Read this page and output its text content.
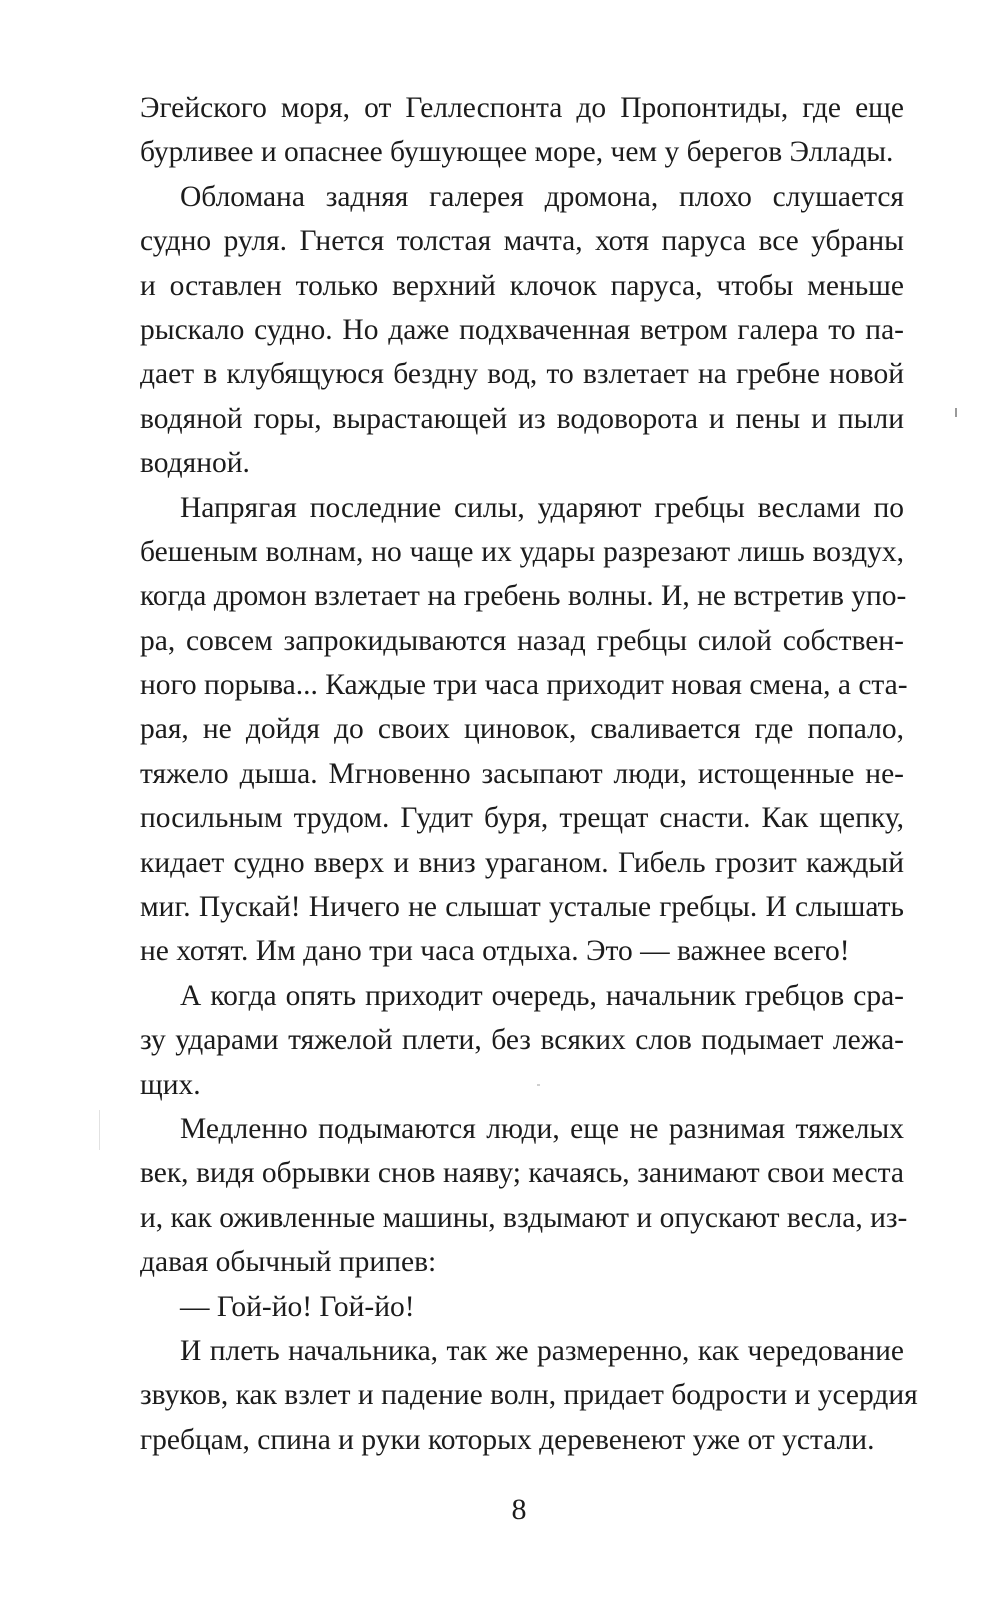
Эгейского моря, от Геллеспонта до Пропонтиды, где еще
бурливее и опаснее бушующее море, чем у берегов Эллады.
Обломана задняя галерея дромона, плохо слушается
судно руля. Гнется толстая мачта, хотя паруса все убраны
и оставлен только верхний клочок паруса, чтобы меньше
рыскало судно. Но даже подхваченная ветром галера то па-
дает в клубящуюся бездну вод, то взлетает на гребне новой
водяной горы, вырастающей из водоворота и пены и пыли
водяной.
Напрягая последние силы, ударяют гребцы веслами по
бешеным волнам, но чаще их удары разрезают лишь воздух,
когда дромон взлетает на гребень волны. И, не встретив упо-
ра, совсем запрокидываются назад гребцы силой собствен-
ного порыва... Каждые три часа приходит новая смена, а ста-
рая, не дойдя до своих циновок, сваливается где попало,
тяжело дыша. Мгновенно засыпают люди, истощенные не-
посильным трудом. Гудит буря, трещат снасти. Как щепку,
кидает судно вверх и вниз ураганом. Гибель грозит каждый
миг. Пускай! Ничего не слышат усталые гребцы. И слышать
не хотят. Им дано три часа отдыха. Это — важнее всего!
А когда опять приходит очередь, начальник гребцов сра-
зу ударами тяжелой плети, без всяких слов подымает лежа-
щих.
Медленно подымаются люди, еще не разнимая тяжелых
век, видя обрывки снов наяву; качаясь, занимают свои места
и, как оживленные машины, вздымают и опускают весла, из-
давая обычный припев:
— Гой-йо! Гой-йо!
И плеть начальника, так же размеренно, как чередование
звуков, как взлет и падение волн, придает бодрости и усердия
гребцам, спина и руки которых деревенеют уже от устали.
8
